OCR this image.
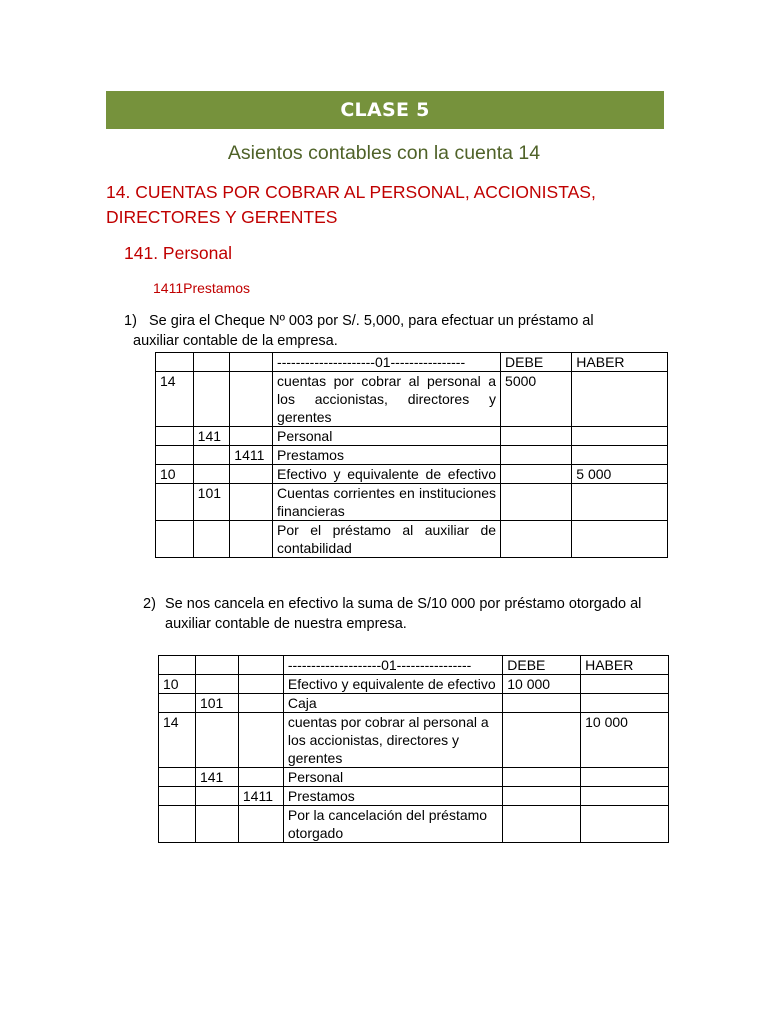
CLASE 5
Asientos contables con la cuenta 14
14. CUENTAS POR COBRAR AL PERSONAL, ACCIONISTAS, DIRECTORES Y GERENTES
141. Personal
1411Prestamos
1) Se gira el Cheque Nº 003 por S/. 5,000, para efectuar un préstamo al
auxiliar contable de la empresa.
			---------------------01----------------	DEBE	HABER
14			cuentas por cobrar al personal a los accionistas, directores y gerentes	5000	
	141		Personal		
		1411	Prestamos		
10			Efectivo y equivalente de efectivo		5 000
	101		Cuentas corrientes en instituciones financieras		
			Por el préstamo al auxiliar de contabilidad		
2) Se nos cancela en efectivo la suma de S/10 000 por préstamo otorgado al auxiliar contable de nuestra empresa.
			--------------------01----------------	DEBE	HABER
10			Efectivo y equivalente de efectivo	10 000	
	101		Caja		
14			cuentas por cobrar al personal a los accionistas, directores y gerentes		10 000
	141		Personal		
		1411	Prestamos		
			Por la cancelación del préstamo otorgado		
